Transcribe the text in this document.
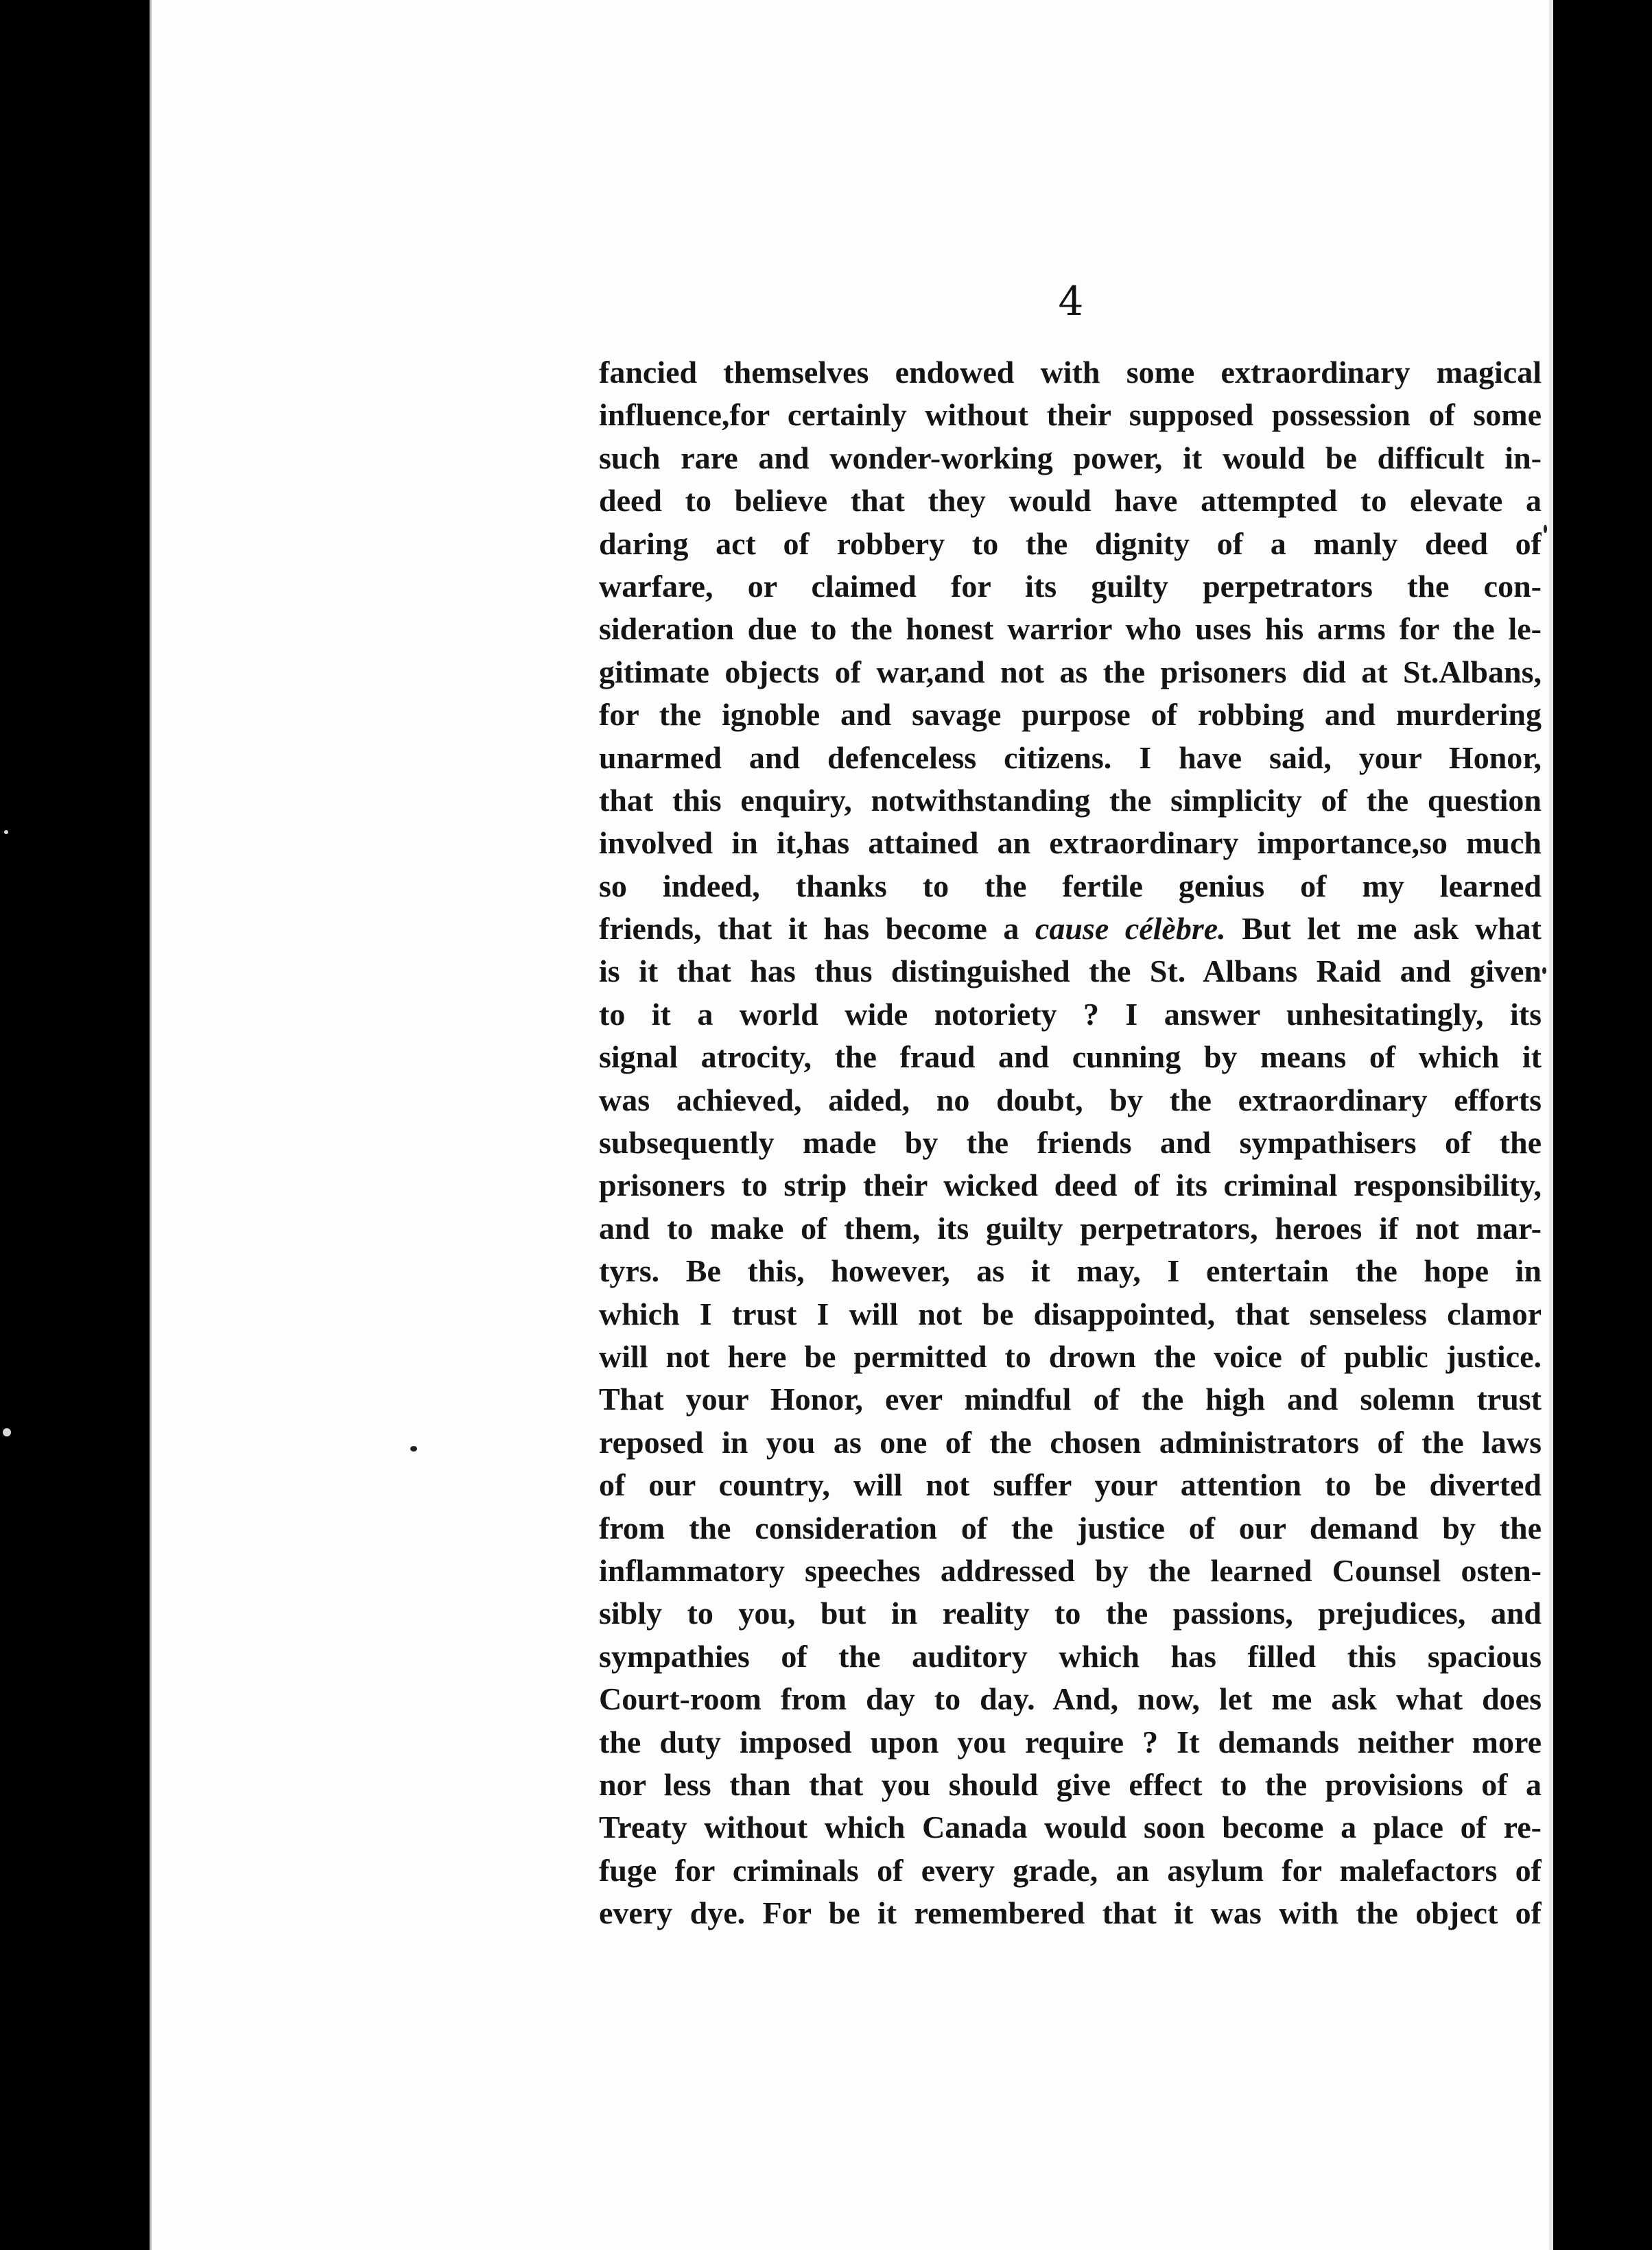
4
fancied themselves endowed with some extraordinary magical
influence,for certainly without their supposed possession of some
such rare and wonder-working power, it would be difficult in-
deed to believe that they would have attempted to elevate a
daring act of robbery to the dignity of a manly deed of
warfare, or claimed for its guilty perpetrators the con-
sideration due to the honest warrior who uses his arms for the le-
gitimate objects of war,and not as the prisoners did at St.Albans,
for the ignoble and savage purpose of robbing and murdering
unarmed and defenceless citizens. I have said, your Honor,
that this enquiry, notwithstanding the simplicity of the question
involved in it,has attained an extraordinary importance,so much
so indeed, thanks to the fertile genius of my learned
friends, that it has become a cause célèbre. But let me ask what
is it that has thus distinguished the St. Albans Raid and given
to it a world wide notoriety ? I answer unhesitatingly, its
signal atrocity, the fraud and cunning by means of which it
was achieved, aided, no doubt, by the extraordinary efforts
subsequently made by the friends and sympathisers of the
prisoners to strip their wicked deed of its criminal responsibility,
and to make of them, its guilty perpetrators, heroes if not mar-
tyrs. Be this, however, as it may, I entertain the hope in
which I trust I will not be disappointed, that senseless clamor
will not here be permitted to drown the voice of public justice.
That your Honor, ever mindful of the high and solemn trust
reposed in you as one of the chosen administrators of the laws
of our country, will not suffer your attention to be diverted
from the consideration of the justice of our demand by the
inflammatory speeches addressed by the learned Counsel osten-
sibly to you, but in reality to the passions, prejudices, and
sympathies of the auditory which has filled this spacious
Court-room from day to day. And, now, let me ask what does
the duty imposed upon you require ? It demands neither more
nor less than that you should give effect to the provisions of a
Treaty without which Canada would soon become a place of re-
fuge for criminals of every grade, an asylum for malefactors of
every dye. For be it remembered that it was with the object of
